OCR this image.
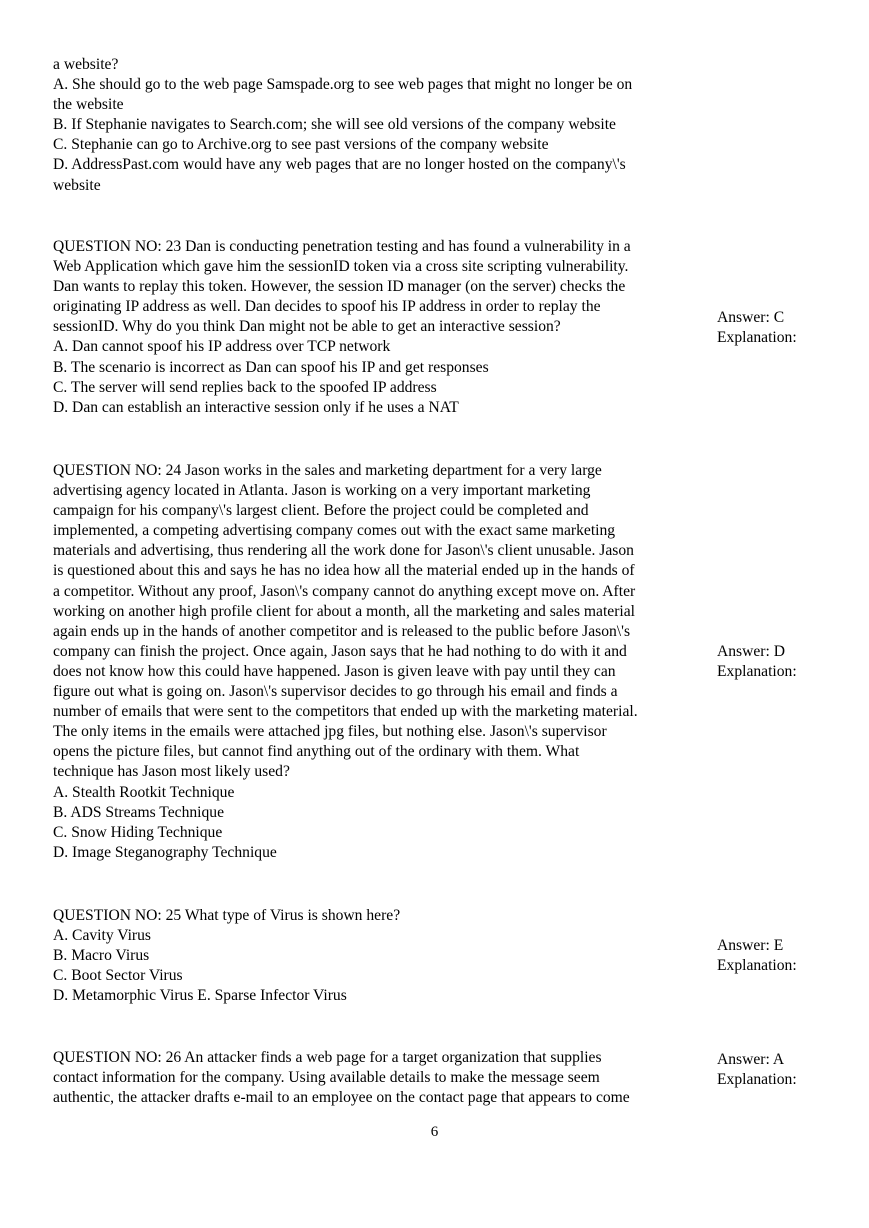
a website?
A. She should go to the web page Samspade.org to see web pages that might no longer be on
the website
B. If Stephanie navigates to Search.com; she will see old versions of the company website
C. Stephanie can go to Archive.org to see past versions of the company website
D. AddressPast.com would have any web pages that are no longer hosted on the company\'s
website
QUESTION NO: 23 Dan is conducting penetration testing and has found a vulnerability in a
Web Application which gave him the sessionID token via a cross site scripting vulnerability.
Dan wants to replay this token. However, the session ID manager (on the server) checks the
originating IP address as well. Dan decides to spoof his IP address in order to replay the
sessionID. Why do you think Dan might not be able to get an interactive session?
A. Dan cannot spoof his IP address over TCP network
B. The scenario is incorrect as Dan can spoof his IP and get responses
C. The server will send replies back to the spoofed IP address
D. Dan can establish an interactive session only if he uses a NAT
Answer: C
Explanation:
QUESTION NO: 24 Jason works in the sales and marketing department for a very large
advertising agency located in Atlanta. Jason is working on a very important marketing
campaign for his company\'s largest client. Before the project could be completed and
implemented, a competing advertising company comes out with the exact same marketing
materials and advertising, thus rendering all the work done for Jason\'s client unusable. Jason
is questioned about this and says he has no idea how all the material ended up in the hands of
a competitor. Without any proof, Jason\'s company cannot do anything except move on. After
working on another high profile client for about a month, all the marketing and sales material
again ends up in the hands of another competitor and is released to the public before Jason\'s
company can finish the project. Once again, Jason says that he had nothing to do with it and
does not know how this could have happened. Jason is given leave with pay until they can
figure out what is going on. Jason\'s supervisor decides to go through his email and finds a
number of emails that were sent to the competitors that ended up with the marketing material.
The only items in the emails were attached jpg files, but nothing else. Jason\'s supervisor
opens the picture files, but cannot find anything out of the ordinary with them. What
technique has Jason most likely used?
A. Stealth Rootkit Technique
B. ADS Streams Technique
C. Snow Hiding Technique
D. Image Steganography Technique
Answer: D
Explanation:
QUESTION NO: 25 What type of Virus is shown here?
A. Cavity Virus
B. Macro Virus
C. Boot Sector Virus
D. Metamorphic Virus E. Sparse Infector Virus
Answer: E
Explanation:
QUESTION NO: 26 An attacker finds a web page for a target organization that supplies
contact information for the company. Using available details to make the message seem
authentic, the attacker drafts e-mail to an employee on the contact page that appears to come
Answer: A
Explanation:
6
